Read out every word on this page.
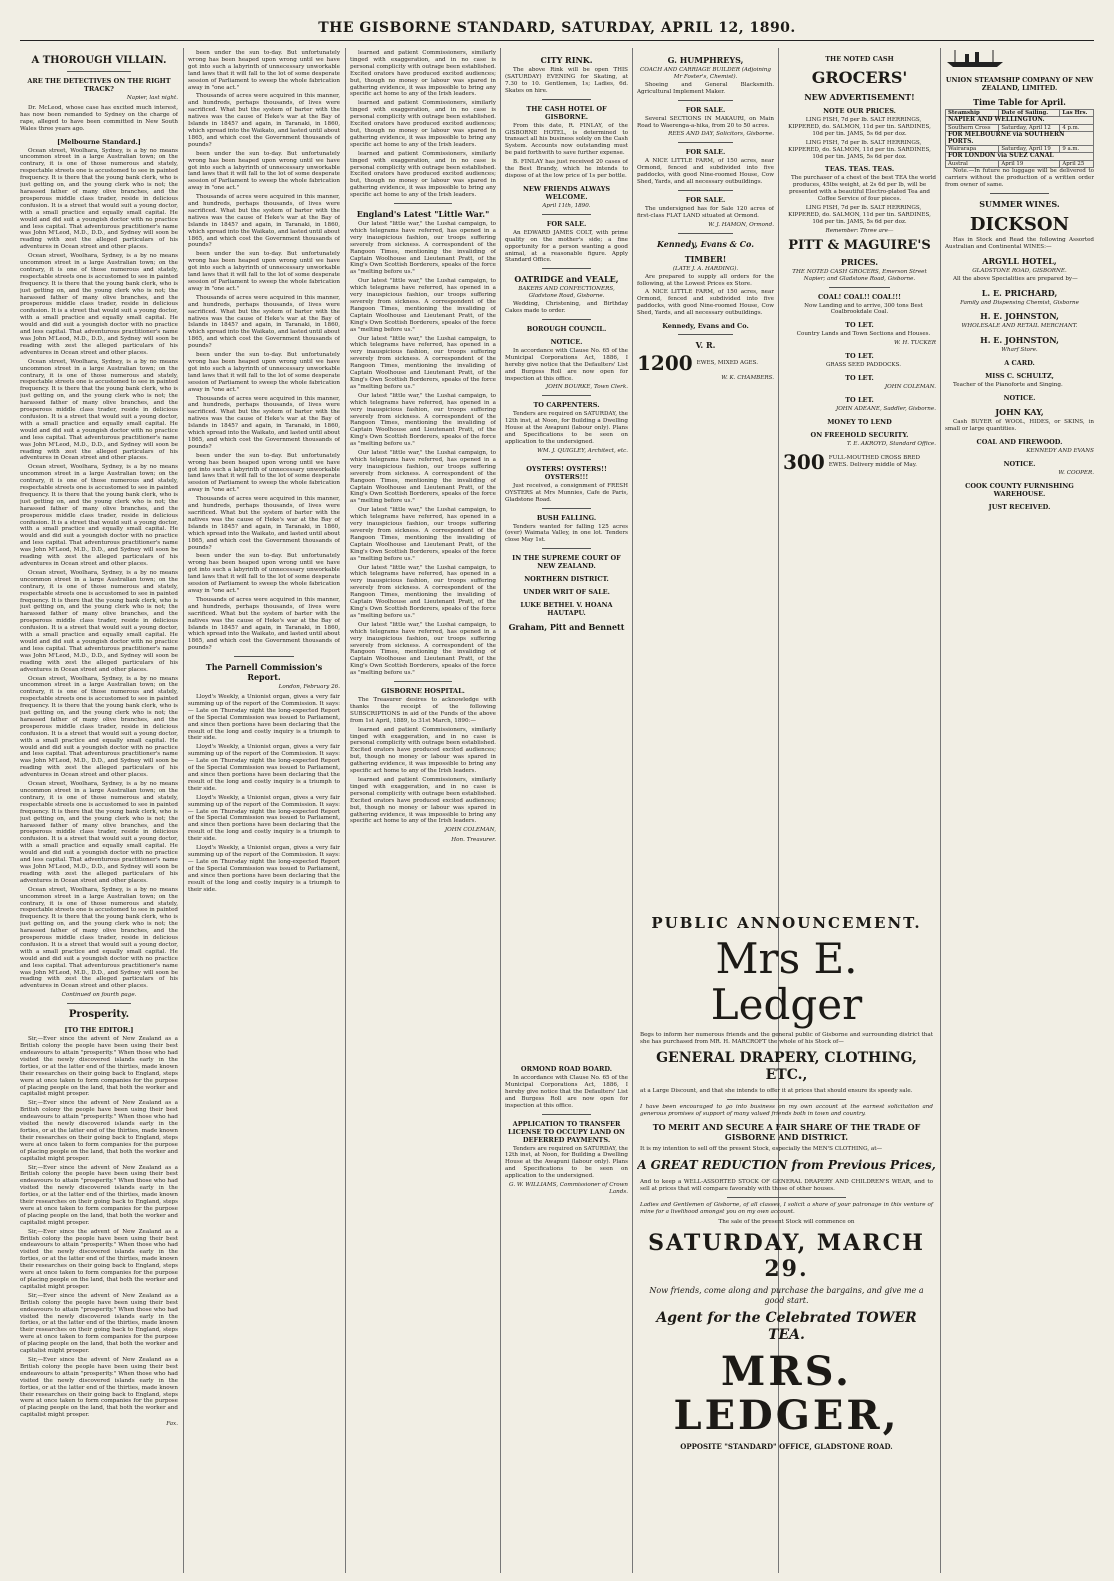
THE GISBORNE STANDARD, SATURDAY, APRIL 12, 1890.
A THOROUGH VILLAIN.
ARE THE DETECTIVES ON THE RIGHT TRACK?
Napier, last night.

Dr. McLeod, whose case has excited much interest, has now been remanded to Sydney on the charge of rape, alleged to have been committed in New South Wales three years ago.

[Melbourne Standard.]

Ocean street, Woolhara, Sydney, is a by no means uncommon street in a large Australian town; on the contrary, it is one of those numerous and stately, respectable streets one is accustomed to see in painted frequency. It is there that the young bank clerk, who is just getting on, and the young clerk who is not; the harassed father of many olive branches, and the prosperous middle class trader, reside in delicious confusion. It is a street that would suit a young doctor, with a small practice and equally small capital. He would and did suit a youngish doctor with no practice and less capital. That adventurous practitioner's name was John M'Leod, M.D., D.D., and Sydney will soon be reading with zest the alleged particulars of his adventures in Ocean street and other places.

Ocean street, Woolhara, Sydney, is a by no means uncommon street in a large Australian town; on the contrary, it is one of those numerous and stately, respectable streets one is accustomed to see in painted frequency. It is there that the young bank clerk, who is just getting on, and the young clerk who is not; the harassed father of many olive branches, and the prosperous middle class trader, reside in delicious confusion. It is a street that would suit a young doctor, with a small practice and equally small capital. He would and did suit a youngish doctor with no practice and less capital. That adventurous practitioner's name was John M'Leod, M.D., D.D., and Sydney will soon be reading with zest the alleged particulars of his adventures in Ocean street and other places.

Ocean street, Woolhara, Sydney, is a by no means uncommon street in a large Australian town; on the contrary, it is one of those numerous and stately, respectable streets one is accustomed to see in painted frequency. It is there that the young bank clerk, who is just getting on, and the young clerk who is not; the harassed father of many olive branches, and the prosperous middle class trader, reside in delicious confusion. It is a street that would suit a young doctor, with a small practice and equally small capital. He would and did suit a youngish doctor with no practice and less capital. That adventurous practitioner's name was John M'Leod, M.D., D.D., and Sydney will soon be reading with zest the alleged particulars of his adventures in Ocean street and other places.

Ocean street, Woolhara, Sydney, is a by no means uncommon street in a large Australian town; on the contrary, it is one of those numerous and stately, respectable streets one is accustomed to see in painted frequency. It is there that the young bank clerk, who is just getting on, and the young clerk who is not; the harassed father of many olive branches, and the prosperous middle class trader, reside in delicious confusion. It is a street that would suit a young doctor, with a small practice and equally small capital. He would and did suit a youngish doctor with no practice and less capital. That adventurous practitioner's name was John M'Leod, M.D., D.D., and Sydney will soon be reading with zest the alleged particulars of his adventures in Ocean street and other places.

Ocean street, Woolhara, Sydney, is a by no means uncommon street in a large Australian town; on the contrary, it is one of those numerous and stately, respectable streets one is accustomed to see in painted frequency. It is there that the young bank clerk, who is just getting on, and the young clerk who is not; the harassed father of many olive branches, and the prosperous middle class trader, reside in delicious confusion. It is a street that would suit a young doctor, with a small practice and equally small capital. He would and did suit a youngish doctor with no practice and less capital. That adventurous practitioner's name was John M'Leod, M.D., D.D., and Sydney will soon be reading with zest the alleged particulars of his adventures in Ocean street and other places.

Ocean street, Woolhara, Sydney, is a by no means uncommon street in a large Australian town; on the contrary, it is one of those numerous and stately, respectable streets one is accustomed to see in painted frequency. It is there that the young bank clerk, who is just getting on, and the young clerk who is not; the harassed father of many olive branches, and the prosperous middle class trader, reside in delicious confusion. It is a street that would suit a young doctor, with a small practice and equally small capital. He would and did suit a youngish doctor with no practice and less capital. That adventurous practitioner's name was John M'Leod, M.D., D.D., and Sydney will soon be reading with zest the alleged particulars of his adventures in Ocean street and other places.

Ocean street, Woolhara, Sydney, is a by no means uncommon street in a large Australian town; on the contrary, it is one of those numerous and stately, respectable streets one is accustomed to see in painted frequency. It is there that the young bank clerk, who is just getting on, and the young clerk who is not; the harassed father of many olive branches, and the prosperous middle class trader, reside in delicious confusion. It is a street that would suit a young doctor, with a small practice and equally small capital. He would and did suit a youngish doctor with no practice and less capital. That adventurous practitioner's name was John M'Leod, M.D., D.D., and Sydney will soon be reading with zest the alleged particulars of his adventures in Ocean street and other places.

Ocean street, Woolhara, Sydney, is a by no means uncommon street in a large Australian town; on the contrary, it is one of those numerous and stately, respectable streets one is accustomed to see in painted frequency. It is there that the young bank clerk, who is just getting on, and the young clerk who is not; the harassed father of many olive branches, and the prosperous middle class trader, reside in delicious confusion. It is a street that would suit a young doctor, with a small practice and equally small capital. He would and did suit a youngish doctor with no practice and less capital. That adventurous practitioner's name was John M'Leod, M.D., D.D., and Sydney will soon be reading with zest the alleged particulars of his adventures in Ocean street and other places.

Continued on fourth page.
Prosperity.
[TO THE EDITOR.]

Sir,—Ever since the advent of New Zealand as a British colony the people have been using their best endeavours to attain "prosperity." When those who had visited the newly discovered islands early in the forties, or at the latter end of the thirties, made known their researches on their going back to England, steps were at once taken to form companies for the purpose of placing people on the land, that both the worker and capitalist might prosper.

Sir,—Ever since the advent of New Zealand as a British colony the people have been using their best endeavours to attain "prosperity." When those who had visited the newly discovered islands early in the forties, or at the latter end of the thirties, made known their researches on their going back to England, steps were at once taken to form companies for the purpose of placing people on the land, that both the worker and capitalist might prosper.

Sir,—Ever since the advent of New Zealand as a British colony the people have been using their best endeavours to attain "prosperity." When those who had visited the newly discovered islands early in the forties, or at the latter end of the thirties, made known their researches on their going back to England, steps were at once taken to form companies for the purpose of placing people on the land, that both the worker and capitalist might prosper.

Sir,—Ever since the advent of New Zealand as a British colony the people have been using their best endeavours to attain "prosperity." When those who had visited the newly discovered islands early in the forties, or at the latter end of the thirties, made known their researches on their going back to England, steps were at once taken to form companies for the purpose of placing people on the land, that both the worker and capitalist might prosper.

Sir,—Ever since the advent of New Zealand as a British colony the people have been using their best endeavours to attain "prosperity." When those who had visited the newly discovered islands early in the forties, or at the latter end of the thirties, made known their researches on their going back to England, steps were at once taken to form companies for the purpose of placing people on the land, that both the worker and capitalist might prosper.

Sir,—Ever since the advent of New Zealand as a British colony the people have been using their best endeavours to attain "prosperity." When those who had visited the newly discovered islands early in the forties, or at the latter end of the thirties, made known their researches on their going back to England, steps were at once taken to form companies for the purpose of placing people on the land, that both the worker and capitalist might prosper.

Fax.

been under the sun to-day. But unfortunately wrong has been heaped upon wrong until we have got into such a labyrinth of unnecessary unworkable land laws that it will fall to the lot of some desperate session of Parliament to sweep the whole fabrication away in "one act."

Thousands of acres were acquired in this manner, and hundreds, perhaps thousands, of lives were sacrificed. What but the system of barter with the natives was the cause of Heke's war at the Bay of Islands in 1845? and again, in Taranaki, in 1860, which spread into the Waikato, and lasted until about 1865, and which cost the Government thousands of pounds?

been under the sun to-day. But unfortunately wrong has been heaped upon wrong until we have got into such a labyrinth of unnecessary unworkable land laws that it will fall to the lot of some desperate session of Parliament to sweep the whole fabrication away in "one act."

Thousands of acres were acquired in this manner, and hundreds, perhaps thousands, of lives were sacrificed. What but the system of barter with the natives was the cause of Heke's war at the Bay of Islands in 1845? and again, in Taranaki, in 1860, which spread into the Waikato, and lasted until about 1865, and which cost the Government thousands of pounds?

been under the sun to-day. But unfortunately wrong has been heaped upon wrong until we have got into such a labyrinth of unnecessary unworkable land laws that it will fall to the lot of some desperate session of Parliament to sweep the whole fabrication away in "one act."

Thousands of acres were acquired in this manner, and hundreds, perhaps thousands, of lives were sacrificed. What but the system of barter with the natives was the cause of Heke's war at the Bay of Islands in 1845? and again, in Taranaki, in 1860, which spread into the Waikato, and lasted until about 1865, and which cost the Government thousands of pounds?

been under the sun to-day. But unfortunately wrong has been heaped upon wrong until we have got into such a labyrinth of unnecessary unworkable land laws that it will fall to the lot of some desperate session of Parliament to sweep the whole fabrication away in "one act."

Thousands of acres were acquired in this manner, and hundreds, perhaps thousands, of lives were sacrificed. What but the system of barter with the natives was the cause of Heke's war at the Bay of Islands in 1845? and again, in Taranaki, in 1860, which spread into the Waikato, and lasted until about 1865, and which cost the Government thousands of pounds?

been under the sun to-day. But unfortunately wrong has been heaped upon wrong until we have got into such a labyrinth of unnecessary unworkable land laws that it will fall to the lot of some desperate session of Parliament to sweep the whole fabrication away in "one act."

Thousands of acres were acquired in this manner, and hundreds, perhaps thousands, of lives were sacrificed. What but the system of barter with the natives was the cause of Heke's war at the Bay of Islands in 1845? and again, in Taranaki, in 1860, which spread into the Waikato, and lasted until about 1865, and which cost the Government thousands of pounds?

been under the sun to-day. But unfortunately wrong has been heaped upon wrong until we have got into such a labyrinth of unnecessary unworkable land laws that it will fall to the lot of some desperate session of Parliament to sweep the whole fabrication away in "one act."

Thousands of acres were acquired in this manner, and hundreds, perhaps thousands, of lives were sacrificed. What but the system of barter with the natives was the cause of Heke's war at the Bay of Islands in 1845? and again, in Taranaki, in 1860, which spread into the Waikato, and lasted until about 1865, and which cost the Government thousands of pounds?

The Parnell Commission's Report.
London, February 26.

Lloyd's Weekly, a Unionist organ, gives a very fair summing up of the report of the Commission. It says:— Late on Thursday night the long-expected Report of the Special Commission was issued to Parliament, and since then portions have been declaring that the result of the long and costly inquiry is a triumph to their side.

Lloyd's Weekly, a Unionist organ, gives a very fair summing up of the report of the Commission. It says:— Late on Thursday night the long-expected Report of the Special Commission was issued to Parliament, and since then portions have been declaring that the result of the long and costly inquiry is a triumph to their side.

Lloyd's Weekly, a Unionist organ, gives a very fair summing up of the report of the Commission. It says:— Late on Thursday night the long-expected Report of the Special Commission was issued to Parliament, and since then portions have been declaring that the result of the long and costly inquiry is a triumph to their side.

Lloyd's Weekly, a Unionist organ, gives a very fair summing up of the report of the Commission. It says:— Late on Thursday night the long-expected Report of the Special Commission was issued to Parliament, and since then portions have been declaring that the result of the long and costly inquiry is a triumph to their side.

learned and patient Commissioners, similarly tinged with exaggeration, and in no case is personal complicity with outrage been established. Excited orators have produced excited audiences; but, though no money or labour was spared in gathering evidence, it was impossible to bring any specific act home to any of the Irish leaders.

learned and patient Commissioners, similarly tinged with exaggeration, and in no case is personal complicity with outrage been established. Excited orators have produced excited audiences; but, though no money or labour was spared in gathering evidence, it was impossible to bring any specific act home to any of the Irish leaders.

learned and patient Commissioners, similarly tinged with exaggeration, and in no case is personal complicity with outrage been established. Excited orators have produced excited audiences; but, though no money or labour was spared in gathering evidence, it was impossible to bring any specific act home to any of the Irish leaders.

England's Latest "Little War."

Our latest "little war," the Lushai campaign, to which telegrams have referred, has opened in a very inauspicious fashion, our troops suffering severely from sickness. A correspondent of the Rangoon Times, mentioning the invaliding of Captain Woolhouse and Lieutenant Pratt, of the King's Own Scottish Borderers, speaks of the force as "melting before us."

Our latest "little war," the Lushai campaign, to which telegrams have referred, has opened in a very inauspicious fashion, our troops suffering severely from sickness. A correspondent of the Rangoon Times, mentioning the invaliding of Captain Woolhouse and Lieutenant Pratt, of the King's Own Scottish Borderers, speaks of the force as "melting before us."

Our latest "little war," the Lushai campaign, to which telegrams have referred, has opened in a very inauspicious fashion, our troops suffering severely from sickness. A correspondent of the Rangoon Times, mentioning the invaliding of Captain Woolhouse and Lieutenant Pratt, of the King's Own Scottish Borderers, speaks of the force as "melting before us."

Our latest "little war," the Lushai campaign, to which telegrams have referred, has opened in a very inauspicious fashion, our troops suffering severely from sickness. A correspondent of the Rangoon Times, mentioning the invaliding of Captain Woolhouse and Lieutenant Pratt, of the King's Own Scottish Borderers, speaks of the force as "melting before us."

Our latest "little war," the Lushai campaign, to which telegrams have referred, has opened in a very inauspicious fashion, our troops suffering severely from sickness. A correspondent of the Rangoon Times, mentioning the invaliding of Captain Woolhouse and Lieutenant Pratt, of the King's Own Scottish Borderers, speaks of the force as "melting before us."

Our latest "little war," the Lushai campaign, to which telegrams have referred, has opened in a very inauspicious fashion, our troops suffering severely from sickness. A correspondent of the Rangoon Times, mentioning the invaliding of Captain Woolhouse and Lieutenant Pratt, of the King's Own Scottish Borderers, speaks of the force as "melting before us."

Our latest "little war," the Lushai campaign, to which telegrams have referred, has opened in a very inauspicious fashion, our troops suffering severely from sickness. A correspondent of the Rangoon Times, mentioning the invaliding of Captain Woolhouse and Lieutenant Pratt, of the King's Own Scottish Borderers, speaks of the force as "melting before us."

Our latest "little war," the Lushai campaign, to which telegrams have referred, has opened in a very inauspicious fashion, our troops suffering severely from sickness. A correspondent of the Rangoon Times, mentioning the invaliding of Captain Woolhouse and Lieutenant Pratt, of the King's Own Scottish Borderers, speaks of the force as "melting before us."

GISBORNE HOSPITAL.

The Treasurer desires to acknowledge with thanks the receipt of the following SUBSCRIPTIONS in aid of the Funds of the above from 1st April, 1889, to 31st March, 1890:—

learned and patient Commissioners, similarly tinged with exaggeration, and in no case is personal complicity with outrage been established. Excited orators have produced excited audiences; but, though no money or labour was spared in gathering evidence, it was impossible to bring any specific act home to any of the Irish leaders.

learned and patient Commissioners, similarly tinged with exaggeration, and in no case is personal complicity with outrage been established. Excited orators have produced excited audiences; but, though no money or labour was spared in gathering evidence, it was impossible to bring any specific act home to any of the Irish leaders.

JOHN COLEMAN,
Hon. Treasurer.
CITY RINK.

The above Rink will be open THIS (SATURDAY) EVENING for Skating, at 7.30 to 10. Gentlemen, 1s; Ladies, 6d. Skates on hire.

THE CASH HOTEL OF GISBORNE.

From this date, R. FINLAY, of the GISBORNE HOTEL, is determined to transact all his business solely on the Cash System. Accounts now outstanding must be paid forthwith to save further expense.

B. FINLAY has just received 20 cases of the Best Brandy, which he intends to dispose of at the low price of 1s per bottle.

NEW FRIENDS ALWAYS WELCOME.
April 11th, 1890.
FOR SALE.

An EDWARD JAMES COLT, with prime quality on the mother's side; a fine opportunity for a person wanting a good animal, at a reasonable figure. Apply Standard Office.

OATRIDGE and VEALE,
BAKERS AND CONFECTIONERS, Gladstone Road, Gisborne.

Wedding, Christening, and Birthday Cakes made to order.

BOROUGH COUNCIL.
NOTICE.

In accordance with Clause No. 65 of the Municipal Corporations Act, 1886, I hereby give notice that the Defaulters' List and Burgess Roll are now open for inspection at this office.

JOHN BOURKE, Town Clerk.
TO CARPENTERS.

Tenders are required on SATURDAY, the 12th inst, at Noon, for Building a Dwelling House at the Awapuni (labour only). Plans and Specifications to be seen on application to the undersigned.

WM. J. QUIGLEY, Architect, etc.
OYSTERS! OYSTERS!! OYSTERS!!!

Just received, a consignment of FRESH OYSTERS at Mrs Munnies, Cafe de Paris, Gladstone Road.

BUSH FALLING.

Tenders wanted for falling 125 acres (over) Waimata Valley, in one lot. Tenders close May 1st.

IN THE SUPREME COURT OF NEW ZEALAND.
NORTHERN DISTRICT.
UNDER WRIT OF SALE.
LUKE BETHEL V. HOANA HAUTAPU.
Graham, Pitt and Bennett
G. HUMPHREYS,
COACH AND CARRIAGE BUILDER (Adjoining Mr Foster's, Chemist).

Shoeing and General Blacksmith. Agricultural Implement Maker.

FOR SALE.

Several SECTIONS IN MAKAURI, on Main Road to Waerenga-a-hika, from 20 to 50 acres.

REES AND DAY, Solicitors, Gisborne.
FOR SALE.

A NICE LITTLE FARM, of 150 acres, near Ormond, fenced and subdivided into five paddocks, with good Nine-roomed House, Cow Shed, Yards, and all necessary outbuildings.

FOR SALE.

The undersigned has for Sale 120 acres of first-class FLAT LAND situated at Ormond.

W. J. HAMON, Ormond.
Kennedy, Evans & Co.
TIMBER!
(LATE J. A. HARDING).

Are prepared to supply all orders for the following, at the Lowest Prices ex Store.

A NICE LITTLE FARM, of 150 acres, near Ormond, fenced and subdivided into five paddocks, with good Nine-roomed House, Cow Shed, Yards, and all necessary outbuildings.

Kennedy, Evans and Co.
V. R.
1200 EWES, MIXED AGES.
W. K. CHAMBERS.
THE NOTED CASH
GROCERS'
NEW ADVERTISEMENT!
NOTE OUR PRICES.

LING FISH, 7d per lb. SALT HERRINGS, KIPPERED, do. SALMON, 11d per tin. SARDINES, 10d per tin. JAMS, 5s 6d per doz.

LING FISH, 7d per lb. SALT HERRINGS, KIPPERED, do. SALMON, 11d per tin. SARDINES, 10d per tin. JAMS, 5s 6d per doz.

TEAS. TEAS. TEAS.

The purchaser of a chest of the best TEA the world produces, 45lbs weight, at 2s 6d per lb, will be presented with a beautiful Electro-plated Tea and Coffee Service of four pieces.

LING FISH, 7d per lb. SALT HERRINGS, KIPPERED, do. SALMON, 11d per tin. SARDINES, 10d per tin. JAMS, 5s 6d per doz.

Remember: Three are—
PITT & MAGUIRE'S
PRICES.
THE NOTED CASH GROCERS, Emerson Street Napier; and Gladstone Road, Gisborne.
COAL! COAL!! COAL!!!

Now Landing and to arrive, 300 tons Best Coalbrookdale Coal.

TO LET.

Country Lands and Town Sections and Houses.

W. H. TUCKER
TO LET.

GRASS SEED PADDOCKS.

TO LET.
JOHN COLEMAN.
TO LET.
JOHN ADEANE, Saddler, Gisborne.
MONEY TO LEND
ON FREEHOLD SECURITY.
T. E. AKROYD, Standard Office.
300 FULL-MOUTHED CROSS BRED EWES. Delivery middle of May.
UNION STEAMSHIP COMPANY OF NEW ZEALAND, LIMITED.
Time Table for April.
Steamship	Date of Sailing.	Las Hrs.
NAPIER AND WELLINGTON.		
Southern Cross	Saturday, April 12	4 p.m.
FOR MELBOURNE via SOUTHERN PORTS.		
Wairarapa	Saturday, April 19	9 a.m.
FOR LONDON via SUEZ CANAL		
Austral	April 19	April 25

Note.—In future no luggage will be delivered to carriers without the production of a written order from owner of same.

SUMMER WINES.
DICKSON

Has in Stock and Read the following Assorted Australian and Continental WINES:—

ARGYLL HOTEL,
GLADSTONE ROAD, GISBORNE.

All the above Specialities are prepared by—

L. E. PRICHARD,
Family and Dispensing Chemist, Gisborne
H. E. JOHNSTON,
WHOLESALE AND RETAIL MERCHANT.
H. E. JOHNSTON,
Wharf Store.
A CARD.
MISS C. SCHULTZ,

Teacher of the Pianoforte and Singing.

NOTICE.
JOHN KAY,

Cash BUYER of WOOL, HIDES, or SKINS, in small or large quantities.

COAL AND FIREWOOD.
KENNEDY AND EVANS
NOTICE.
W. COOPER.
COOK COUNTY FURNISHING WAREHOUSE.
JUST RECEIVED.
ORMOND ROAD BOARD.

In accordance with Clause No. 65 of the Municipal Corporations Act, 1886, I hereby give notice that the Defaulters' List and Burgess Roll are now open for inspection at this office.

APPLICATION TO TRANSFER LICENSE TO OCCUPY LAND ON DEFERRED PAYMENTS.

Tenders are required on SATURDAY, the 12th inst, at Noon, for Building a Dwelling House at the Awapuni (labour only). Plans and Specifications to be seen on application to the undersigned.

G. W. WILLIAMS, Commissioner of Crown Lands.
PUBLIC ANNOUNCEMENT.
Mrs E. Ledger
Begs to inform her numerous friends and the general public of Gisborne and surrounding district that she has purchased from MR. H. MARCROFT the whole of his Stock of—
GENERAL DRAPERY, CLOTHING, ETC.,
at a Large Discount, and that she intends to offer it at prices that should ensure its speedy sale.
I have been encouraged to go into business on my own account at the earnest solicitation and generous promises of support of many valued friends both in town and country.
TO MERIT AND SECURE A FAIR SHARE OF THE TRADE OF GISBORNE AND DISTRICT.
It is my intention to sell off the present Stock, especially the MEN'S CLOTHING, at—
A GREAT REDUCTION from Previous Prices,
And to keep a WELL-ASSORTED STOCK OF GENERAL DRAPERY AND CHILDREN'S WEAR, and to sell at prices that will compare favorably with those of other houses.
Ladies and Gentlemen of Gisborne, of all classes, I solicit a share of your patronage in this venture of mine for a livelihood amongst you on my own account.
The sale of the present Stock will commence on
SATURDAY, MARCH 29.
Now friends, come along and purchase the bargains, and give me a good start.
Agent for the Celebrated TOWER TEA.
MRS. LEDGER,
OPPOSITE "STANDARD" OFFICE, GLADSTONE ROAD.
